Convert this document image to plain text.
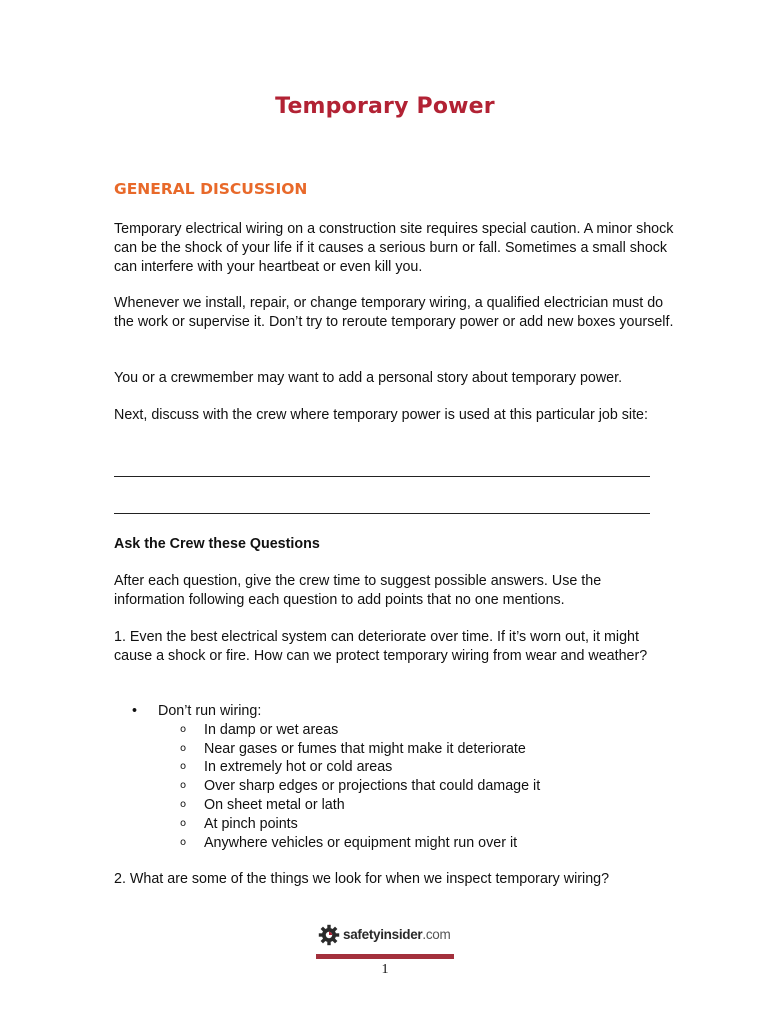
Temporary Power
GENERAL DISCUSSION

Temporary electrical wiring on a construction site requires special caution. A minor shock can be the shock of your life if it causes a serious burn or fall. Sometimes a small shock can interfere with your heartbeat or even kill you.

Whenever we install, repair, or change temporary wiring, a qualified electrician must do the work or supervise it. Don’t try to reroute temporary power or add new boxes yourself.

You or a crewmember may want to add a personal story about temporary power.

Next, discuss with the crew where temporary power is used at this particular job site:

Ask the Crew these Questions

After each question, give the crew time to suggest possible answers. Use the information following each question to add points that no one mentions.

1. Even the best electrical system can deteriorate over time. If it’s worn out, it might cause a shock or fire. How can we protect temporary wiring from wear and weather?

• Don’t run wiring:
o In damp or wet areas
o Near gases or fumes that might make it deteriorate
o In extremely hot or cold areas
o Over sharp edges or projections that could damage it
o On sheet metal or lath
o At pinch points
o Anywhere vehicles or equipment might run over it

2. What are some of the things we look for when we inspect temporary wiring?

safetyinsider.com
1
